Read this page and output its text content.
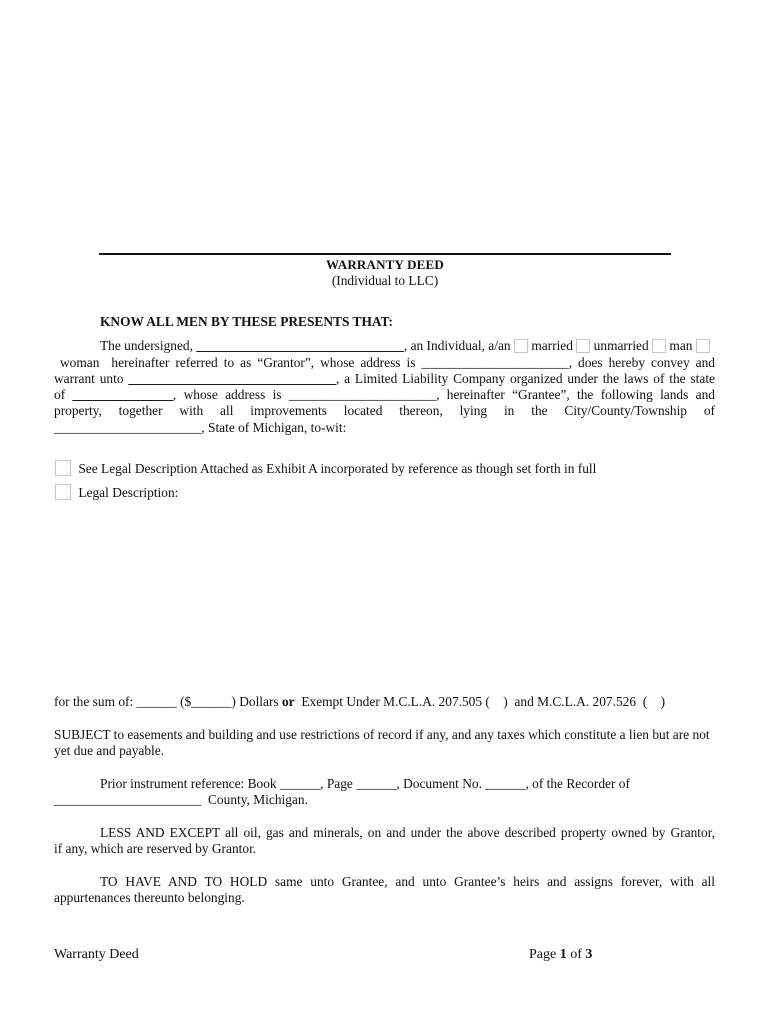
WARRANTY DEED
(Individual to LLC)
KNOW ALL MEN BY THESE PRESENTS THAT:
The undersigned, _______________________________, an Individual, a/an  married unmarried man
woman hereinafter referred to as “Grantor”, whose address is ______________________, does hereby convey and
warrant unto _______________________________, a Limited Liability Company organized under the laws of the state
of _______________, whose address is ______________________, hereinafter “Grantee”, the following lands and
property, together with all improvements located thereon, lying in the City/County/Township of
______________________, State of Michigan, to-wit:
See Legal Description Attached as Exhibit A incorporated by reference as though set forth in full
Legal Description:
for the sum of: ______ ($______) Dollars or  Exempt Under M.C.L.A. 207.505 (    )  and M.C.L.A. 207.526  (    )
SUBJECT to easements and building and use restrictions of record if any, and any taxes which constitute a lien but are not yet due and payable.
Prior instrument reference: Book ______, Page ______, Document No. ______, of the Recorder of
______________________  County, Michigan.
LESS AND EXCEPT all oil, gas and minerals, on and under the above described property owned by Grantor,
if any, which are reserved by Grantor.
TO HAVE AND TO HOLD same unto Grantee, and unto Grantee’s heirs and assigns forever, with all
appurtenances thereunto belonging.
Warranty Deed	Page 1 of 3
